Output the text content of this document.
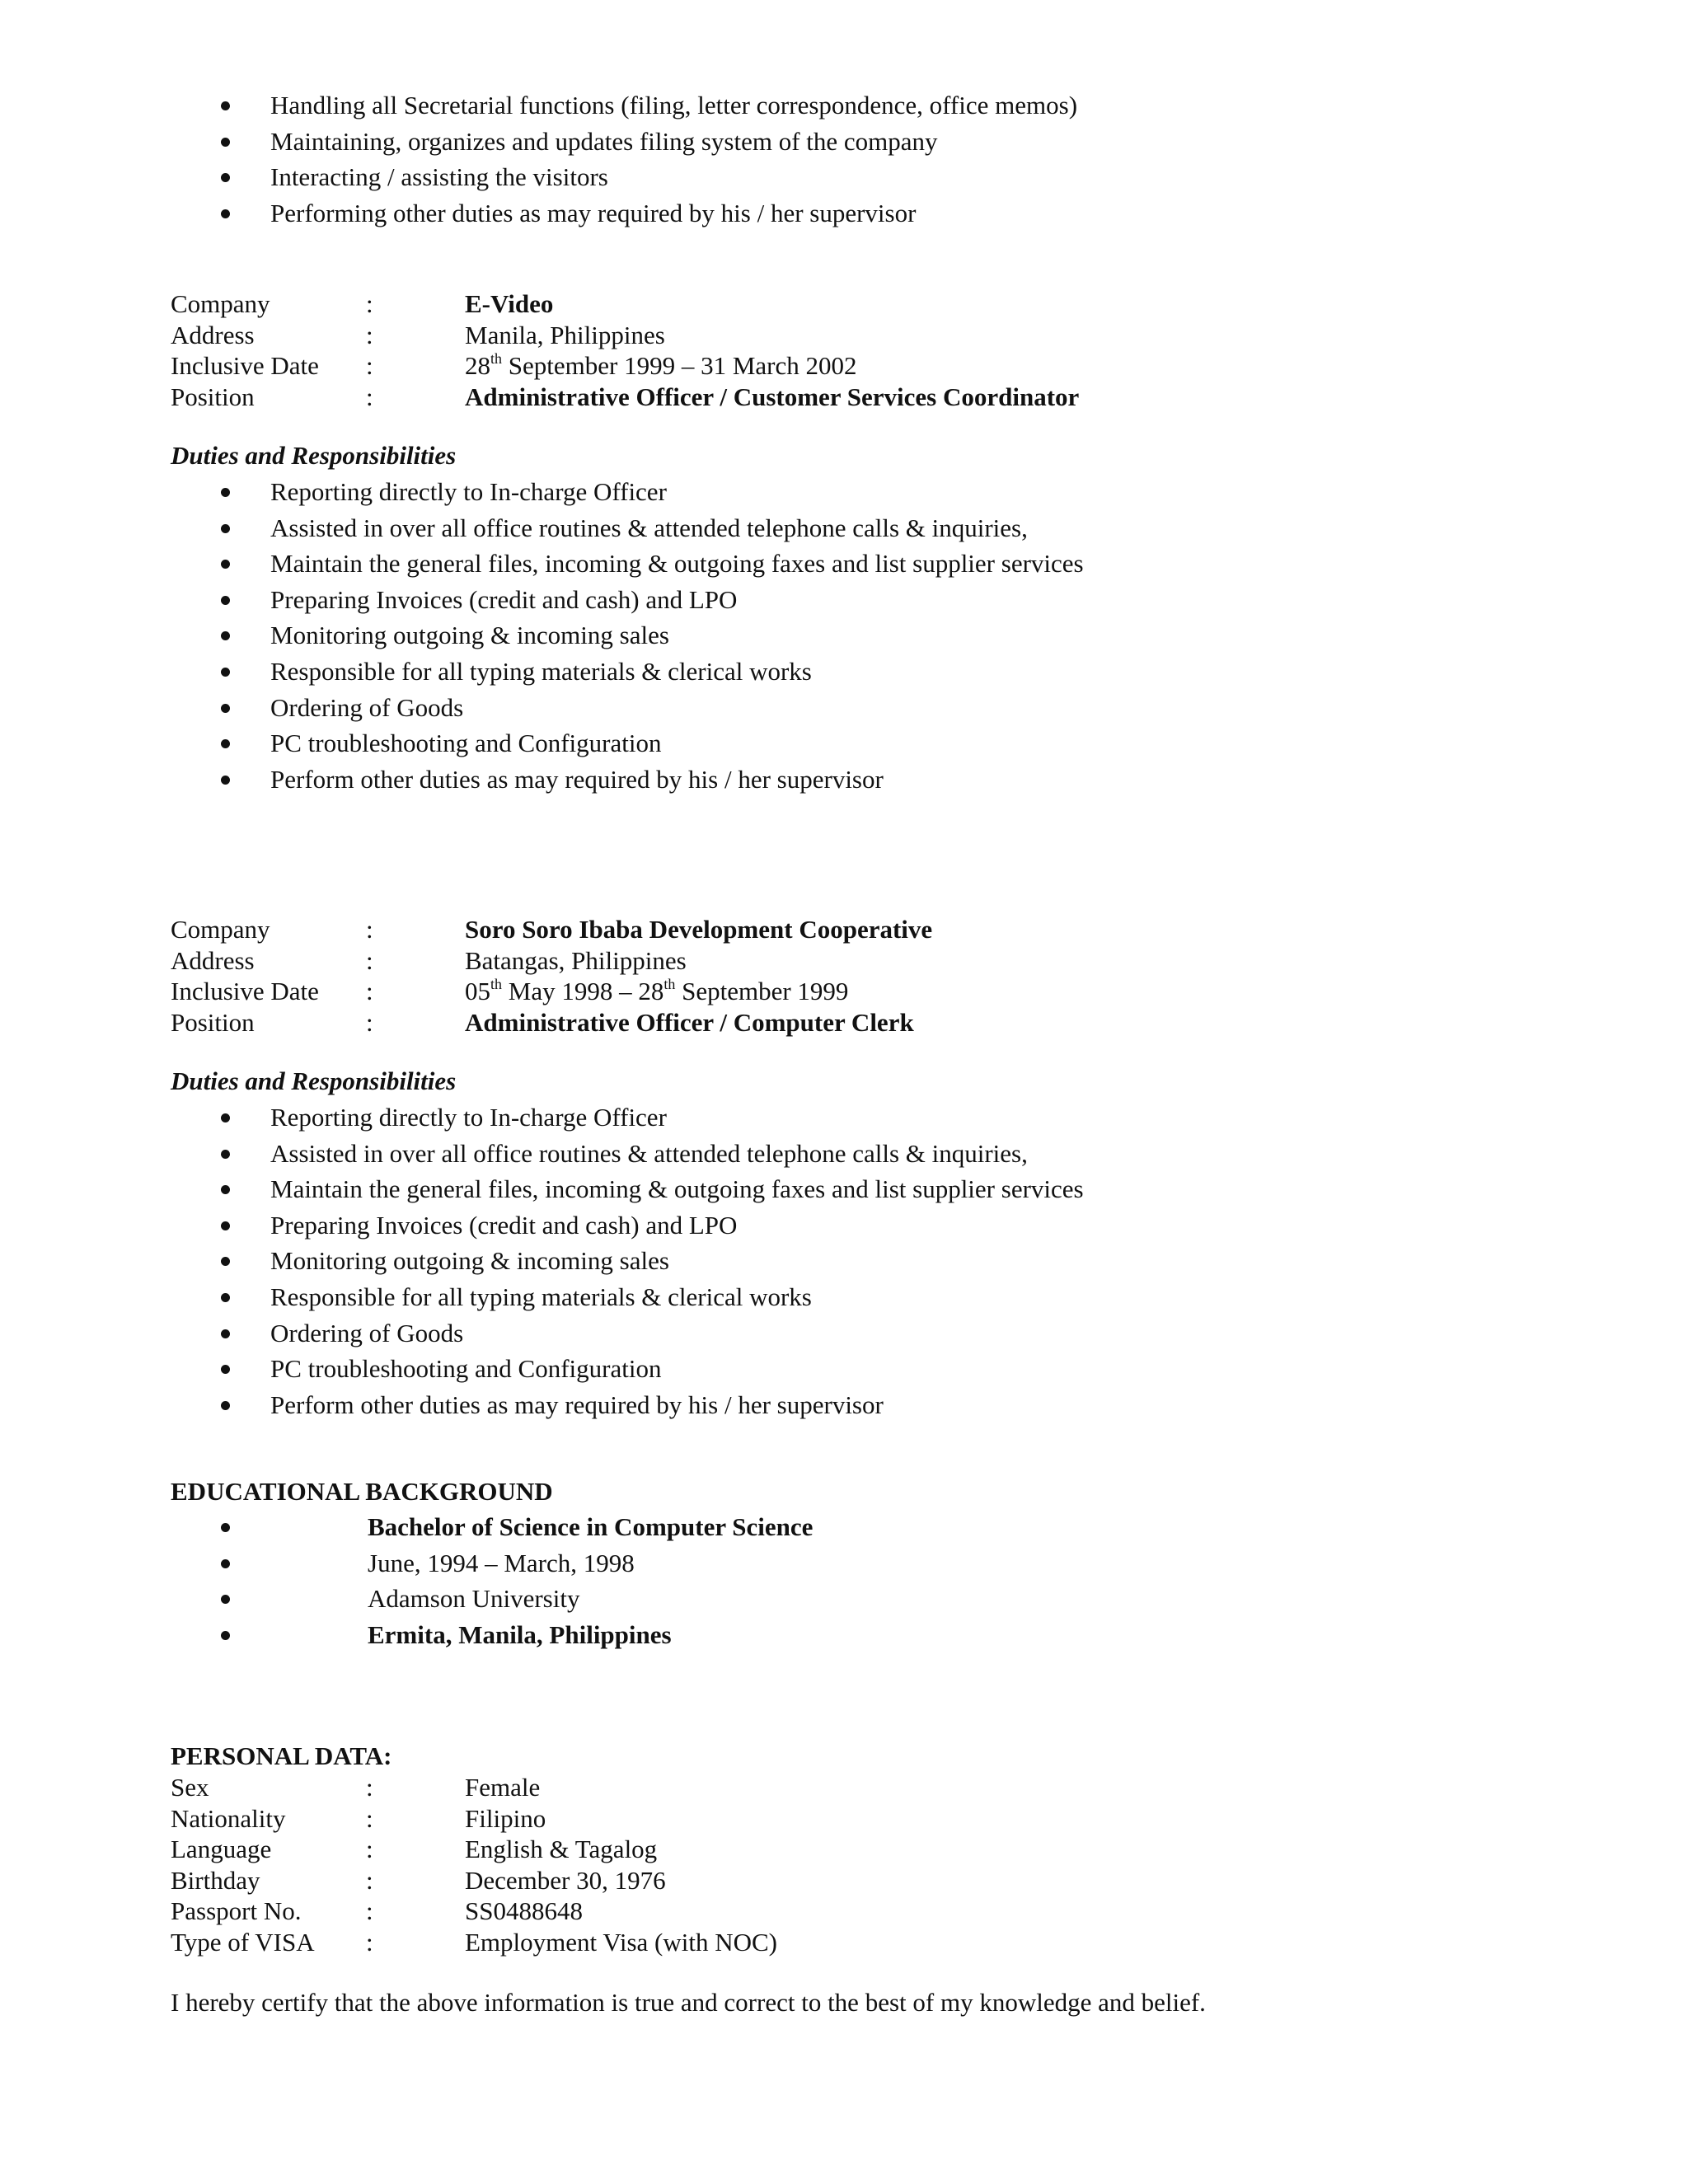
Handling all Secretarial functions (filing, letter correspondence, office memos)
Maintaining, organizes and updates filing system of the company
Interacting / assisting the visitors
Performing other duties as may required by his / her supervisor
Company	:	E-Video
Address	:	Manila, Philippines
Inclusive Date :	28th September 1999 – 31 March 2002
Position	:	Administrative Officer / Customer Services Coordinator
Duties and Responsibilities
Reporting directly to In-charge Officer
Assisted in over all office routines & attended telephone calls & inquiries,
Maintain the general files, incoming & outgoing faxes and list supplier services
Preparing Invoices (credit and cash) and LPO
Monitoring outgoing & incoming sales
Responsible for all typing materials & clerical works
Ordering of Goods
PC troubleshooting and Configuration
Perform other duties as may required by his / her supervisor
Company	:	Soro Soro Ibaba Development Cooperative
Address	:	Batangas, Philippines
Inclusive Date :	05th May 1998 – 28th September 1999
Position	:	Administrative Officer / Computer Clerk
Duties and Responsibilities
Reporting directly to In-charge Officer
Assisted in over all office routines & attended telephone calls & inquiries,
Maintain the general files, incoming & outgoing faxes and list supplier services
Preparing Invoices (credit and cash) and LPO
Monitoring outgoing & incoming sales
Responsible for all typing materials & clerical works
Ordering of Goods
PC troubleshooting and Configuration
Perform other duties as may required by his / her supervisor
EDUCATIONAL BACKGROUND
Bachelor of Science in Computer Science
June, 1994 – March, 1998
Adamson University
Ermita, Manila, Philippines
PERSONAL DATA:
Sex	:	Female
Nationality	:	Filipino
Language	:	English & Tagalog
Birthday	:	December 30, 1976
Passport No.	:	SS0488648
Type of VISA :	Employment Visa (with NOC)
I hereby certify that the above information is true and correct to the best of my knowledge and belief.
